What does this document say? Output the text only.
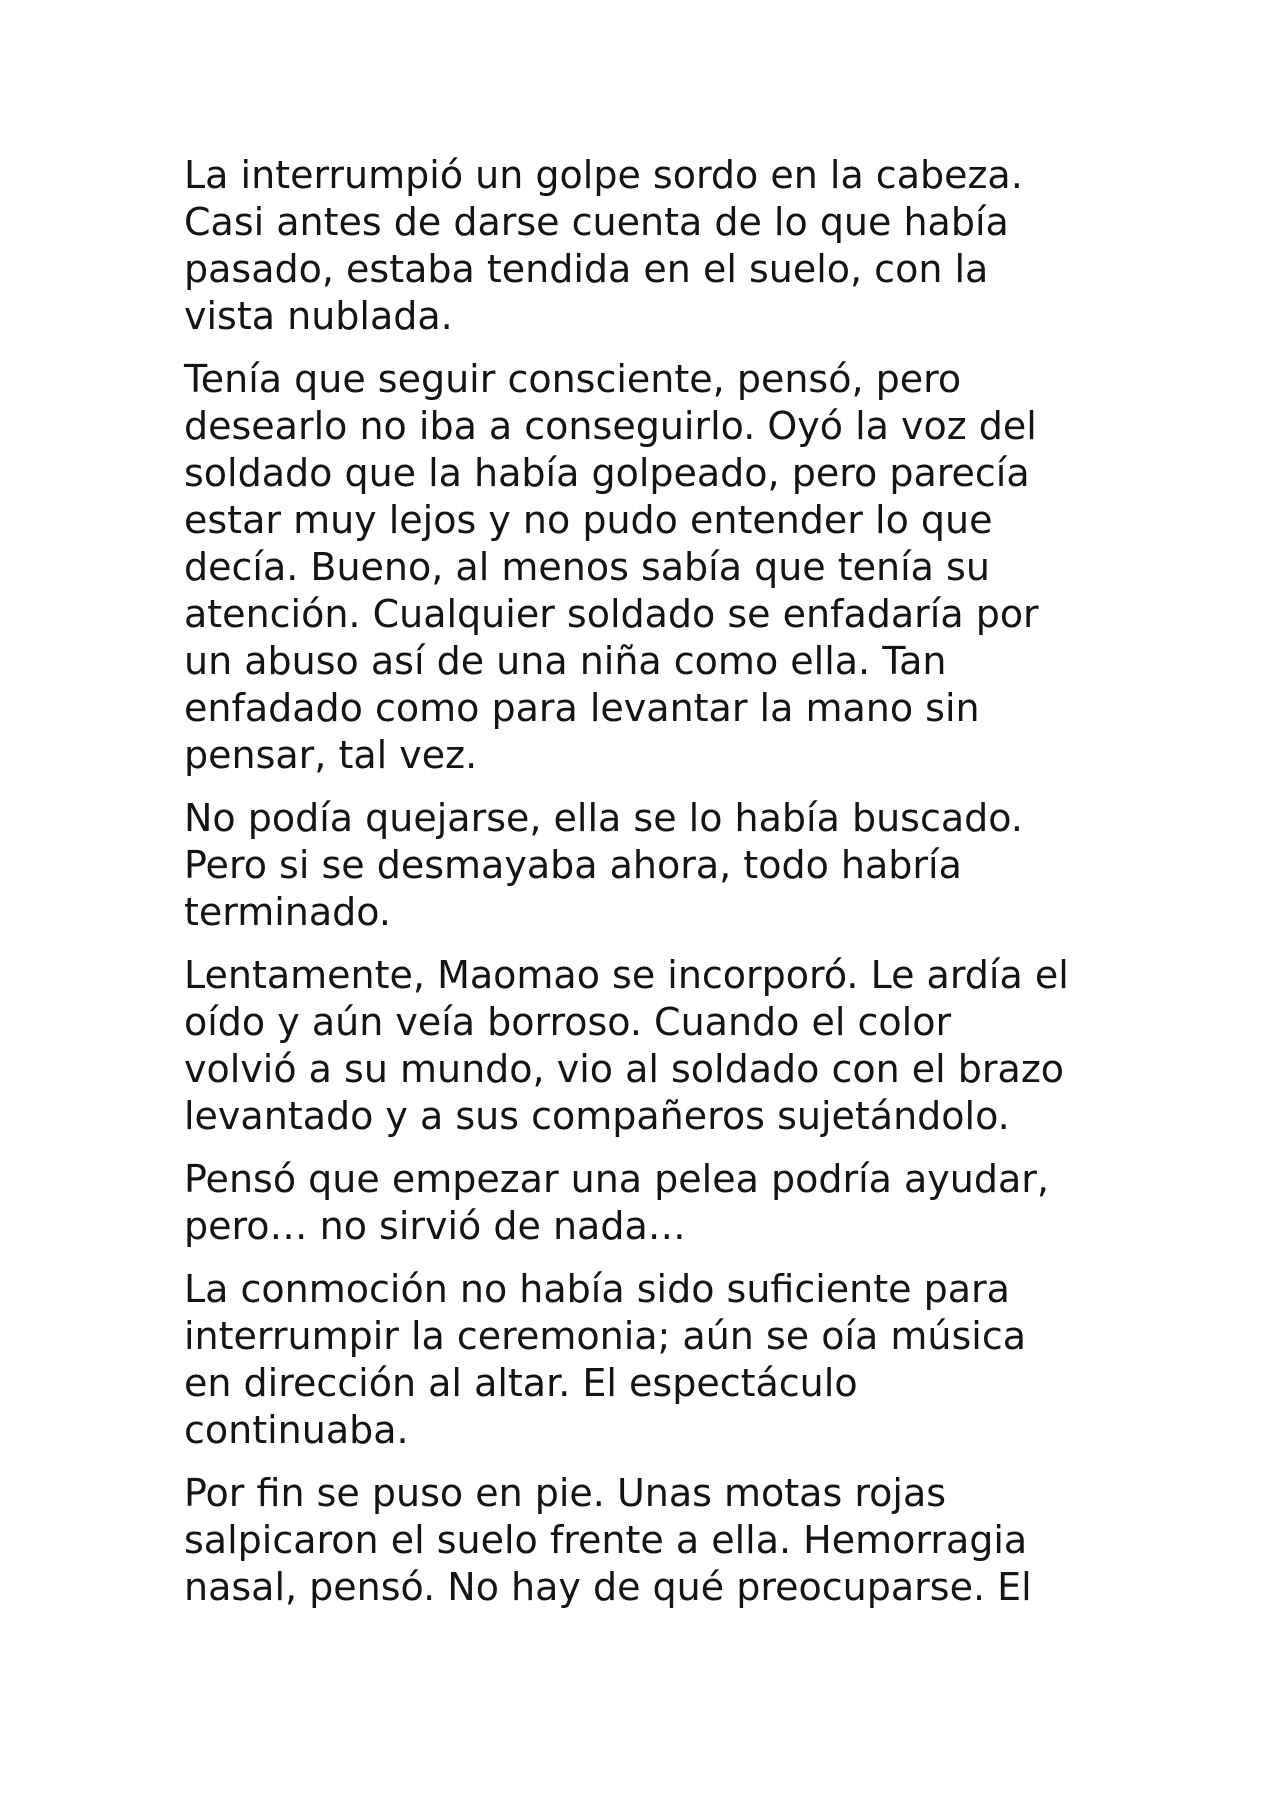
La interrumpió un golpe sordo en la cabeza.
Casi antes de darse cuenta de lo que había
pasado, estaba tendida en el suelo, con la
vista nublada.

Tenía que seguir consciente, pensó, pero
desearlo no iba a conseguirlo. Oyó la voz del
soldado que la había golpeado, pero parecía
estar muy lejos y no pudo entender lo que
decía. Bueno, al menos sabía que tenía su
atención. Cualquier soldado se enfadaría por
un abuso así de una niña como ella. Tan
enfadado como para levantar la mano sin
pensar, tal vez.

No podía quejarse, ella se lo había buscado.
Pero si se desmayaba ahora, todo habría
terminado.

Lentamente, Maomao se incorporó. Le ardía el
oído y aún veía borroso. Cuando el color
volvió a su mundo, vio al soldado con el brazo
levantado y a sus compañeros sujetándolo.

Pensó que empezar una pelea podría ayudar,
pero… no sirvió de nada…

La conmoción no había sido suficiente para
interrumpir la ceremonia; aún se oía música
en dirección al altar. El espectáculo
continuaba.

Por fin se puso en pie. Unas motas rojas
salpicaron el suelo frente a ella. Hemorragia
nasal, pensó. No hay de qué preocuparse. El
